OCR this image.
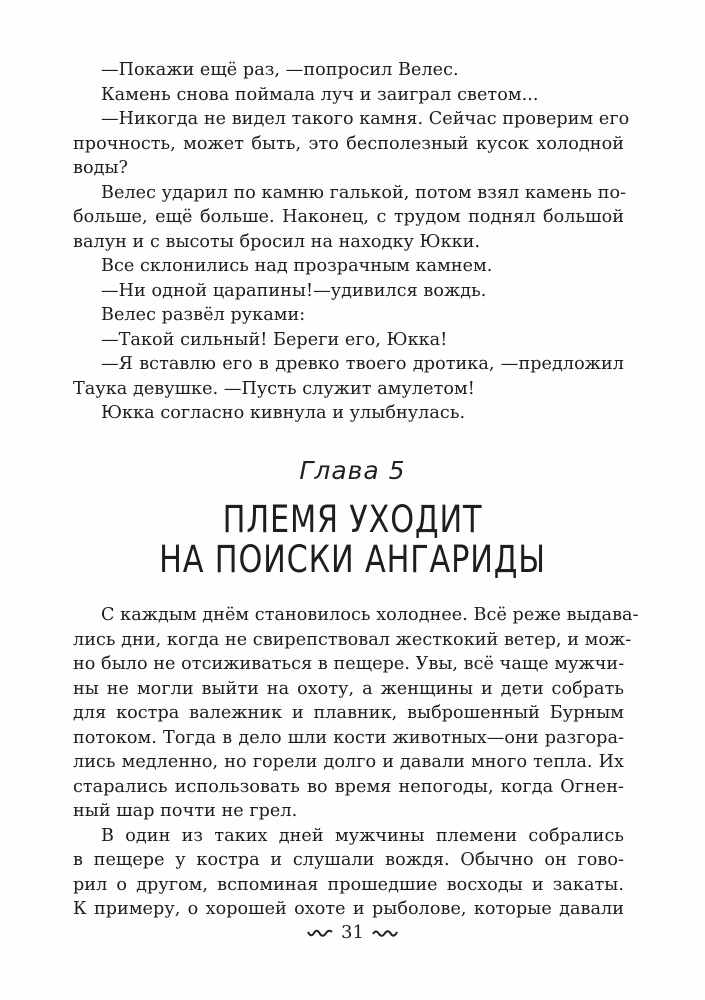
—Покажи ещё раз, —попросил Велес.
Камень снова поймала луч и заиграл светом...
—Никогда не видел такого камня. Сейчас проверим его
прочность, может быть, это бесполезный кусок холодной
воды?
Велес ударил по камню галькой, потом взял камень по-
больше, ещё больше. Наконец, с трудом поднял большой
валун и с высоты бросил на находку Юкки.
Все склонились над прозрачным камнем.
—Ни одной царапины!—удивился вождь.
Велес развёл руками:
—Такой сильный! Береги его, Юкка!
—Я вставлю его в древко твоего дротика, —предложил
Таука девушке. —Пусть служит амулетом!
Юкка согласно кивнула и улыбнулась.
Глава 5
ПЛЕМЯ УХОДИТ
НА ПОИСКИ АНГАРИДЫ
С каждым днём становилось холоднее. Всё реже выдава-
лись дни, когда не свирепствовал жесткокий ветер, и мож-
но было не отсиживаться в пещере. Увы, всё чаще мужчи-
ны не могли выйти на охоту, а женщины и дети собрать
для костра валежник и плавник, выброшенный Бурным
потоком. Тогда в дело шли кости животных—они разгора-
лись медленно, но горели долго и давали много тепла. Их
старались использовать во время непогоды, когда Огнен-
ный шар почти не грел.
В один из таких дней мужчины племени собрались
в пещере у костра и слушали вождя. Обычно он гово-
рил о другом, вспоминая прошедшие восходы и закаты.
К примеру, о хорошей охоте и рыболове, которые давали
31
